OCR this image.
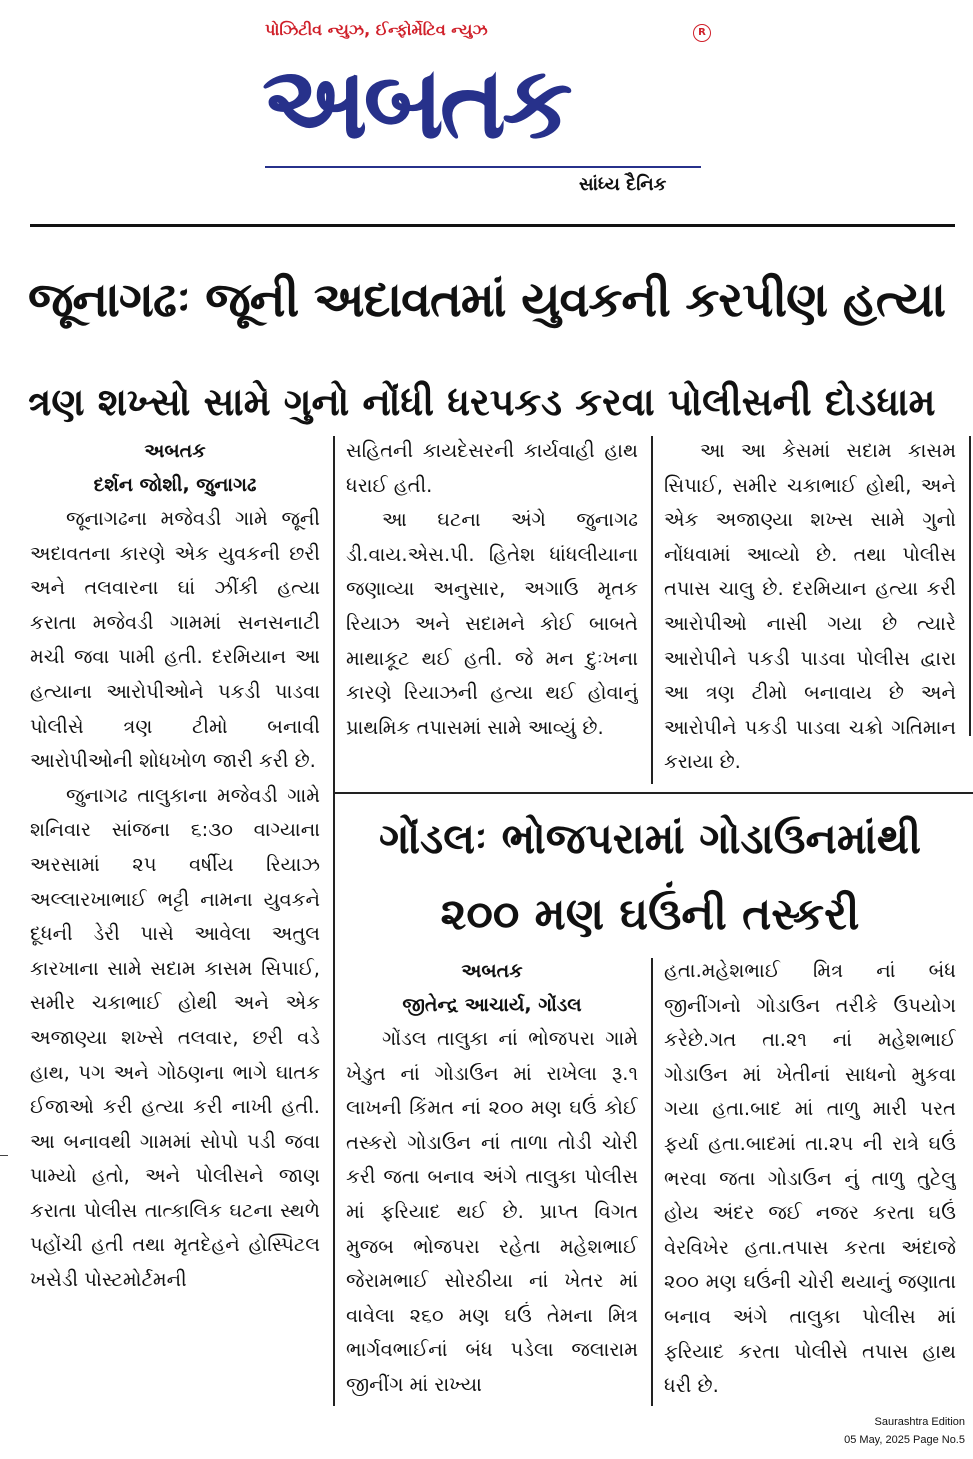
પોઝિટીવ ન્યુઝ, ઈન્ફોર્મેટિવ ન્યુઝ	R
અબતક
સાંધ્ય દૈનિક
જૂનાગઢઃ જૂની અદાવતમાં યુવકની કરપીણ હત્યા
ત્રણ શખ્સો સામે ગુનો નોંધી ધરપકડ કરવા પોલીસની દોડધામ
અબતક
દર્શન જોશી, જુનાગઢ

જૂનાગઢના મજેવડી ગામે જૂની અદાવતના કારણે એક યુવકની છરી અને તલવારના ઘાં ઝીંકી હત્યા કરાતા મજેવડી ગામમાં સનસનાટી મચી જવા પામી હતી. દરમિયાન આ હત્યાના આરોપીઓને પકડી પાડવા પોલીસે ત્રણ ટીમો બનાવી આરોપીઓની શોધખોળ જારી કરી છે.

જુનાગઢ તાલુકાના મજેવડી ગામે શનિવાર સાંજના ૬:૩૦ વાગ્યાના અરસામાં ૨૫ વર્ષીય રિયાઝ અલ્લારખાભાઈ ભટ્ટી નામના યુવકને દૂધની ડેરી પાસે આવેલા અતુલ કારખાના સામે સદામ કાસમ સિપાઈ, સમીર ચકાભાઈ હોથી અને એક અજાણ્યા શખ્સે તલવાર, છરી વડે હાથ, પગ અને ગોઠણના ભાગે ઘાતક ઈજાઓ કરી હત્યા કરી નાખી હતી. આ બનાવથી ગામમાં સોપો પડી જવા પામ્યો હતો, અને પોલીસને જાણ કરાતા પોલીસ તાત્કાલિક ઘટના સ્થળે પહોંચી હતી તથા મૃતદેહને હોસ્પિટલ ખસેડી પોસ્ટમોર્ટમની

સહિતની કાયદેસરની કાર્યવાહી હાથ ધરાઈ હતી.

આ ઘટના અંગે જુનાગઢ ડી.વાય.એસ.પી. હિતેશ ધાંધલીયાના જણાવ્યા અનુસાર, અગાઉ મૃતક રિયાઝ અને સદામને કોઈ બાબતે માથાકૂટ થઈ હતી. જે મન દુઃખના કારણે રિયાઝની હત્યા થઈ હોવાનું પ્રાથમિક તપાસમાં સામે આવ્યું છે.

આ આ કેસમાં સદામ કાસમ સિપાઈ, સમીર ચકાભાઈ હોથી, અને એક અજાણ્યા શખ્સ સામે ગુનો નોંધવામાં આવ્યો છે. તથા પોલીસ તપાસ ચાલુ છે. દરમિયાન હત્યા કરી આરોપીઓ નાસી ગયા છે ત્યારે આરોપીને પકડી પાડવા પોલીસ દ્વારા આ ત્રણ ટીમો બનાવાય છે અને આરોપીને પકડી પાડવા ચક્રો ગતિમાન કરાયા છે.

ગોંડલઃ ભોજપરામાં ગોડાઉનમાંથી
૨૦૦ મણ ઘઉંની તસ્કરી
અબતક
જીતેન્દ્ર આચાર્ય, ગોંડલ

ગોંડલ તાલુકા નાં ભોજપરા ગામે ખેડુત નાં ગોડાઉન માં રાખેલા રૂ.૧ લાખની કિંમત નાં ૨૦૦ મણ ઘઉં કોઈ તસ્કરો ગોડાઉન નાં તાળા તોડી ચોરી કરી જતા બનાવ અંગે તાલુકા પોલીસ માં ફરિયાદ થઈ છે. પ્રાપ્ત વિગત મુજબ ભોજપરા રહેતા મહેશભાઈ જેરામભાઈ સોરઠીયા નાં ખેતર માં વાવેલા ૨૬૦ મણ ઘઉં તેમના મિત્ર ભાર્ગવભાઈનાં બંધ પડેલા જલારામ જીનીંગ માં રાખ્યા

હતા.મહેશભાઈ મિત્ર નાં બંધ જીનીંગનો ગોડાઉન તરીકે ઉપયોગ કરેછે.ગત તા.૨૧ નાં મહેશભાઈ ગોડાઉન માં ખેતીનાં સાધનો મુકવા ગયા હતા.બાદ માં તાળુ મારી પરત ફર્યા હતા.બાદમાં તા.૨૫ ની રાત્રે ઘઉં ભરવા જતા ગોડાઉન નું તાળુ તુટેલુ હોય અંદર જઈ નજર કરતા ઘઉં વેરવિખેર હતા.તપાસ કરતા અંદાજે ૨૦૦ મણ ઘઉંની ચોરી થયાનું જણાતા બનાવ અંગે તાલુકા પોલીસ માં ફરિયાદ કરતા પોલીસે તપાસ હાથ ધરી છે.

Saurashtra Edition
05 May, 2025 Page No.5
